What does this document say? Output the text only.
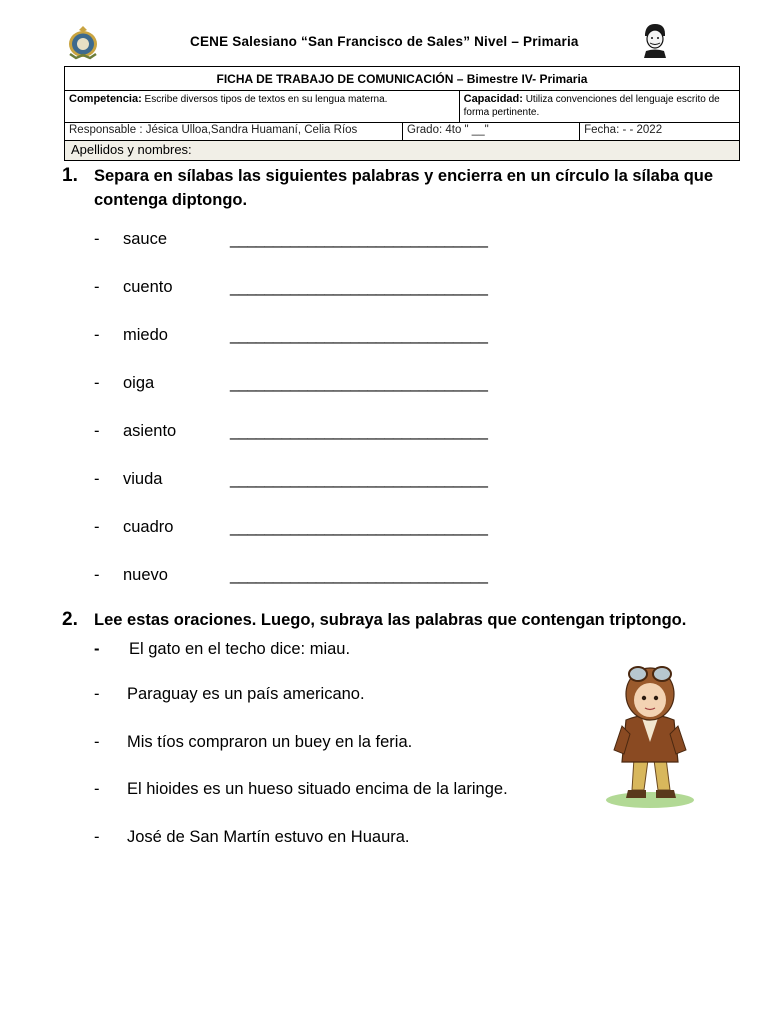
CENE Salesiano “San Francisco de Sales” Nivel – Primaria
FICHA DE TRABAJO DE COMUNICACIÓN – Bimestre IV- Primaria			
Competencia: Escribe diversos tipos de textos en su lengua materna.		Capacidad: Utiliza convenciones del lenguaje escrito de forma pertinente.	
Responsable : Jésica Ulloa,Sandra Huamaní, Celia Ríos	Grado: 4to " __"		Fecha: - - 2022
Apellidos y nombres:			
1. Separa en sílabas las siguientes palabras y encierra en un círculo la sílaba que contenga diptongo.
- sauce	______________________________
- cuento	______________________________
- miedo	______________________________
- oiga	______________________________
- asiento	______________________________
- viuda	______________________________
- cuadro	______________________________
- nuevo	______________________________
2. Lee estas oraciones. Luego, subraya las palabras que contengan triptongo.
- El gato en el techo dice: miau.
- Paraguay es un país americano.
- Mis tíos compraron un buey en la feria.
- El hioides es un hueso situado encima de la laringe.
- José de San Martín estuvo en Huaura.
